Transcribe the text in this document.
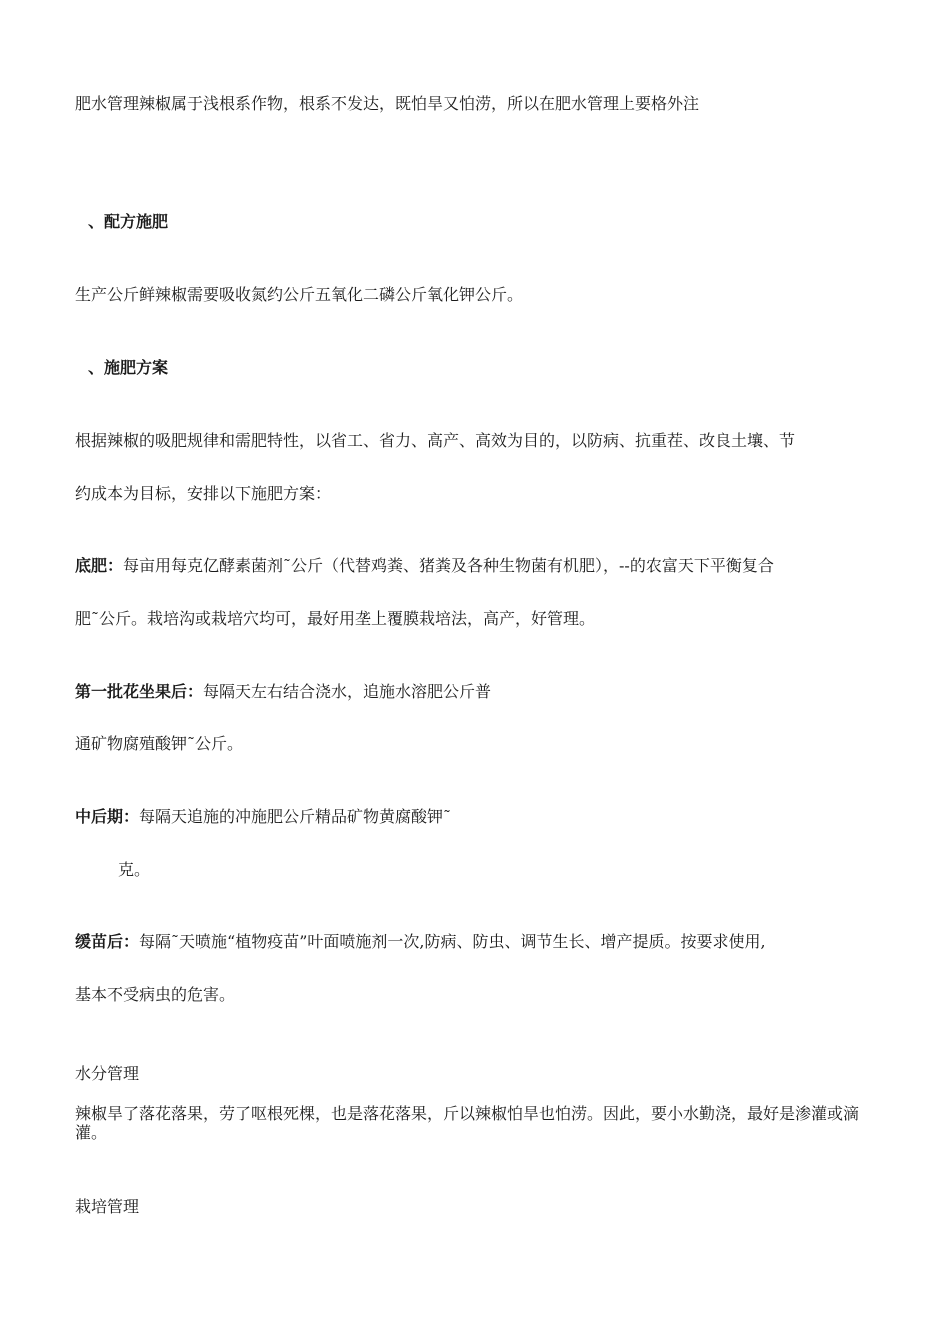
肥水管理辣椒属于浅根系作物，根系不发达，既怕旱又怕涝，所以在肥水管理上要格外注
、配方施肥
生产公斤鲜辣椒需要吸收氮约公斤五氧化二磷公斤氧化钾公斤。
、施肥方案
根据辣椒的吸肥规律和需肥特性，以省工、省力、高产、高效为目的，以防病、抗重茬、改良土壤、节
约成本为目标，安排以下施肥方案：
底肥：每亩用每克亿酵素菌剂˜公斤（代替鸡粪、猪粪及各种生物菌有机肥），--的农富天下平衡复合
肥˜公斤。栽培沟或栽培穴均可，最好用垄上覆膜栽培法，高产，好管理。
第一批花坐果后：每隔天左右结合浇水，追施水溶肥公斤普
通矿物腐殖酸钾˜公斤。
中后期：每隔天追施的冲施肥公斤精品矿物黄腐酸钾˜
克。
缓苗后：每隔˜天喷施“植物疫苗”叶面喷施剂一次,防病、防虫、调节生长、增产提质。按要求使用,
基本不受病虫的危害。
水分管理
辣椒旱了落花落果，劳了呕根死棵，也是落花落果，斤以辣椒怕旱也怕涝。因此，要小水勤浇，最好是渗灌或滴灌。
栽培管理
